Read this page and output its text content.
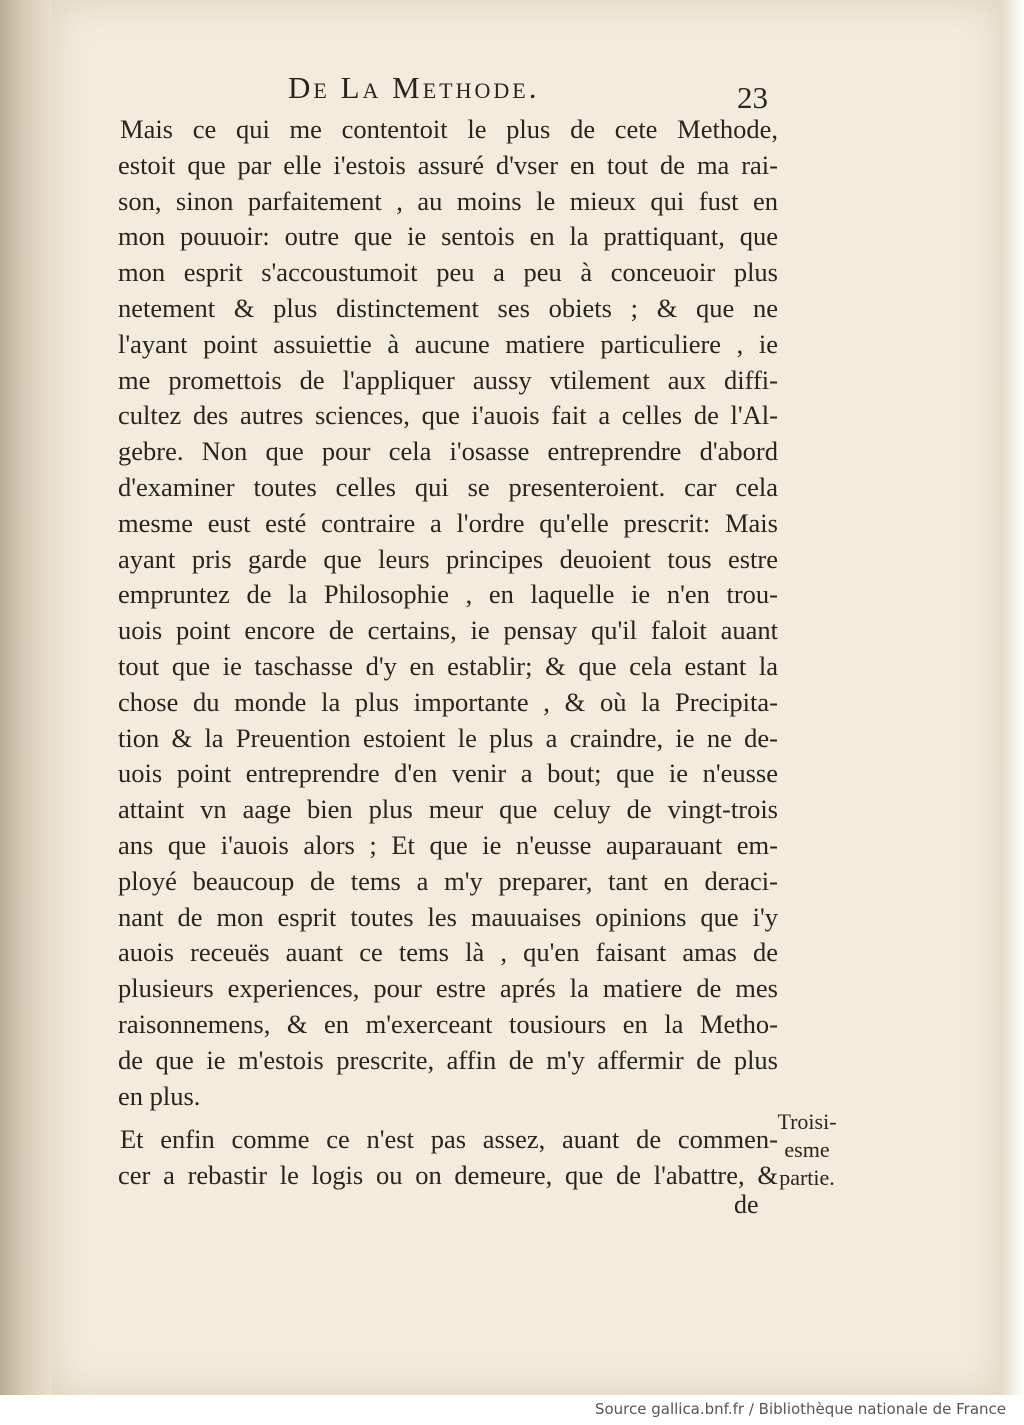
De La Methode.	23
Mais ce qui me contentoit le plus de cete Methode,
estoit que par elle i'estois assuré d'vser en tout de ma rai-
son, sinon parfaitement , au moins le mieux qui fust en
mon pouuoir: outre que ie sentois en la prattiquant, que
mon esprit s'accoustumoit peu a peu à conceuoir plus
netement & plus distinctement ses obiets ; & que ne
l'ayant point assuiettie à aucune matiere particuliere , ie
me promettois de l'appliquer aussy vtilement aux diffi-
cultez des autres sciences, que i'auois fait a celles de l'Al-
gebre. Non que pour cela i'osasse entreprendre d'abord
d'examiner toutes celles qui se presenteroient. car cela
mesme eust esté contraire a l'ordre qu'elle prescrit: Mais
ayant pris garde que leurs principes deuoient tous estre
empruntez de la Philosophie , en laquelle ie n'en trou-
uois point encore de certains, ie pensay qu'il faloit auant
tout que ie taschasse d'y en establir; & que cela estant la
chose du monde la plus importante , & où la Precipita-
tion & la Preuention estoient le plus a craindre, ie ne de-
uois point entreprendre d'en venir a bout; que ie n'eusse
attaint vn aage bien plus meur que celuy de vingt-trois
ans que i'auois alors ; Et que ie n'eusse auparauant em-
ployé beaucoup de tems a m'y preparer, tant en deraci-
nant de mon esprit toutes les mauuaises opinions que i'y
auois receuës auant ce tems là , qu'en faisant amas de
plusieurs experiences, pour estre aprés la matiere de mes
raisonnemens, & en m'exerceant tousiours en la Metho-
de que ie m'estois prescrite, affin de m'y affermir de plus
en plus.
Et enfin comme ce n'est pas assez, auant de commen-
cer a rebastir le logis ou on demeure, que de l'abattre, &
Troisi-
esme
partie.
de
Source gallica.bnf.fr / Bibliothèque nationale de France
